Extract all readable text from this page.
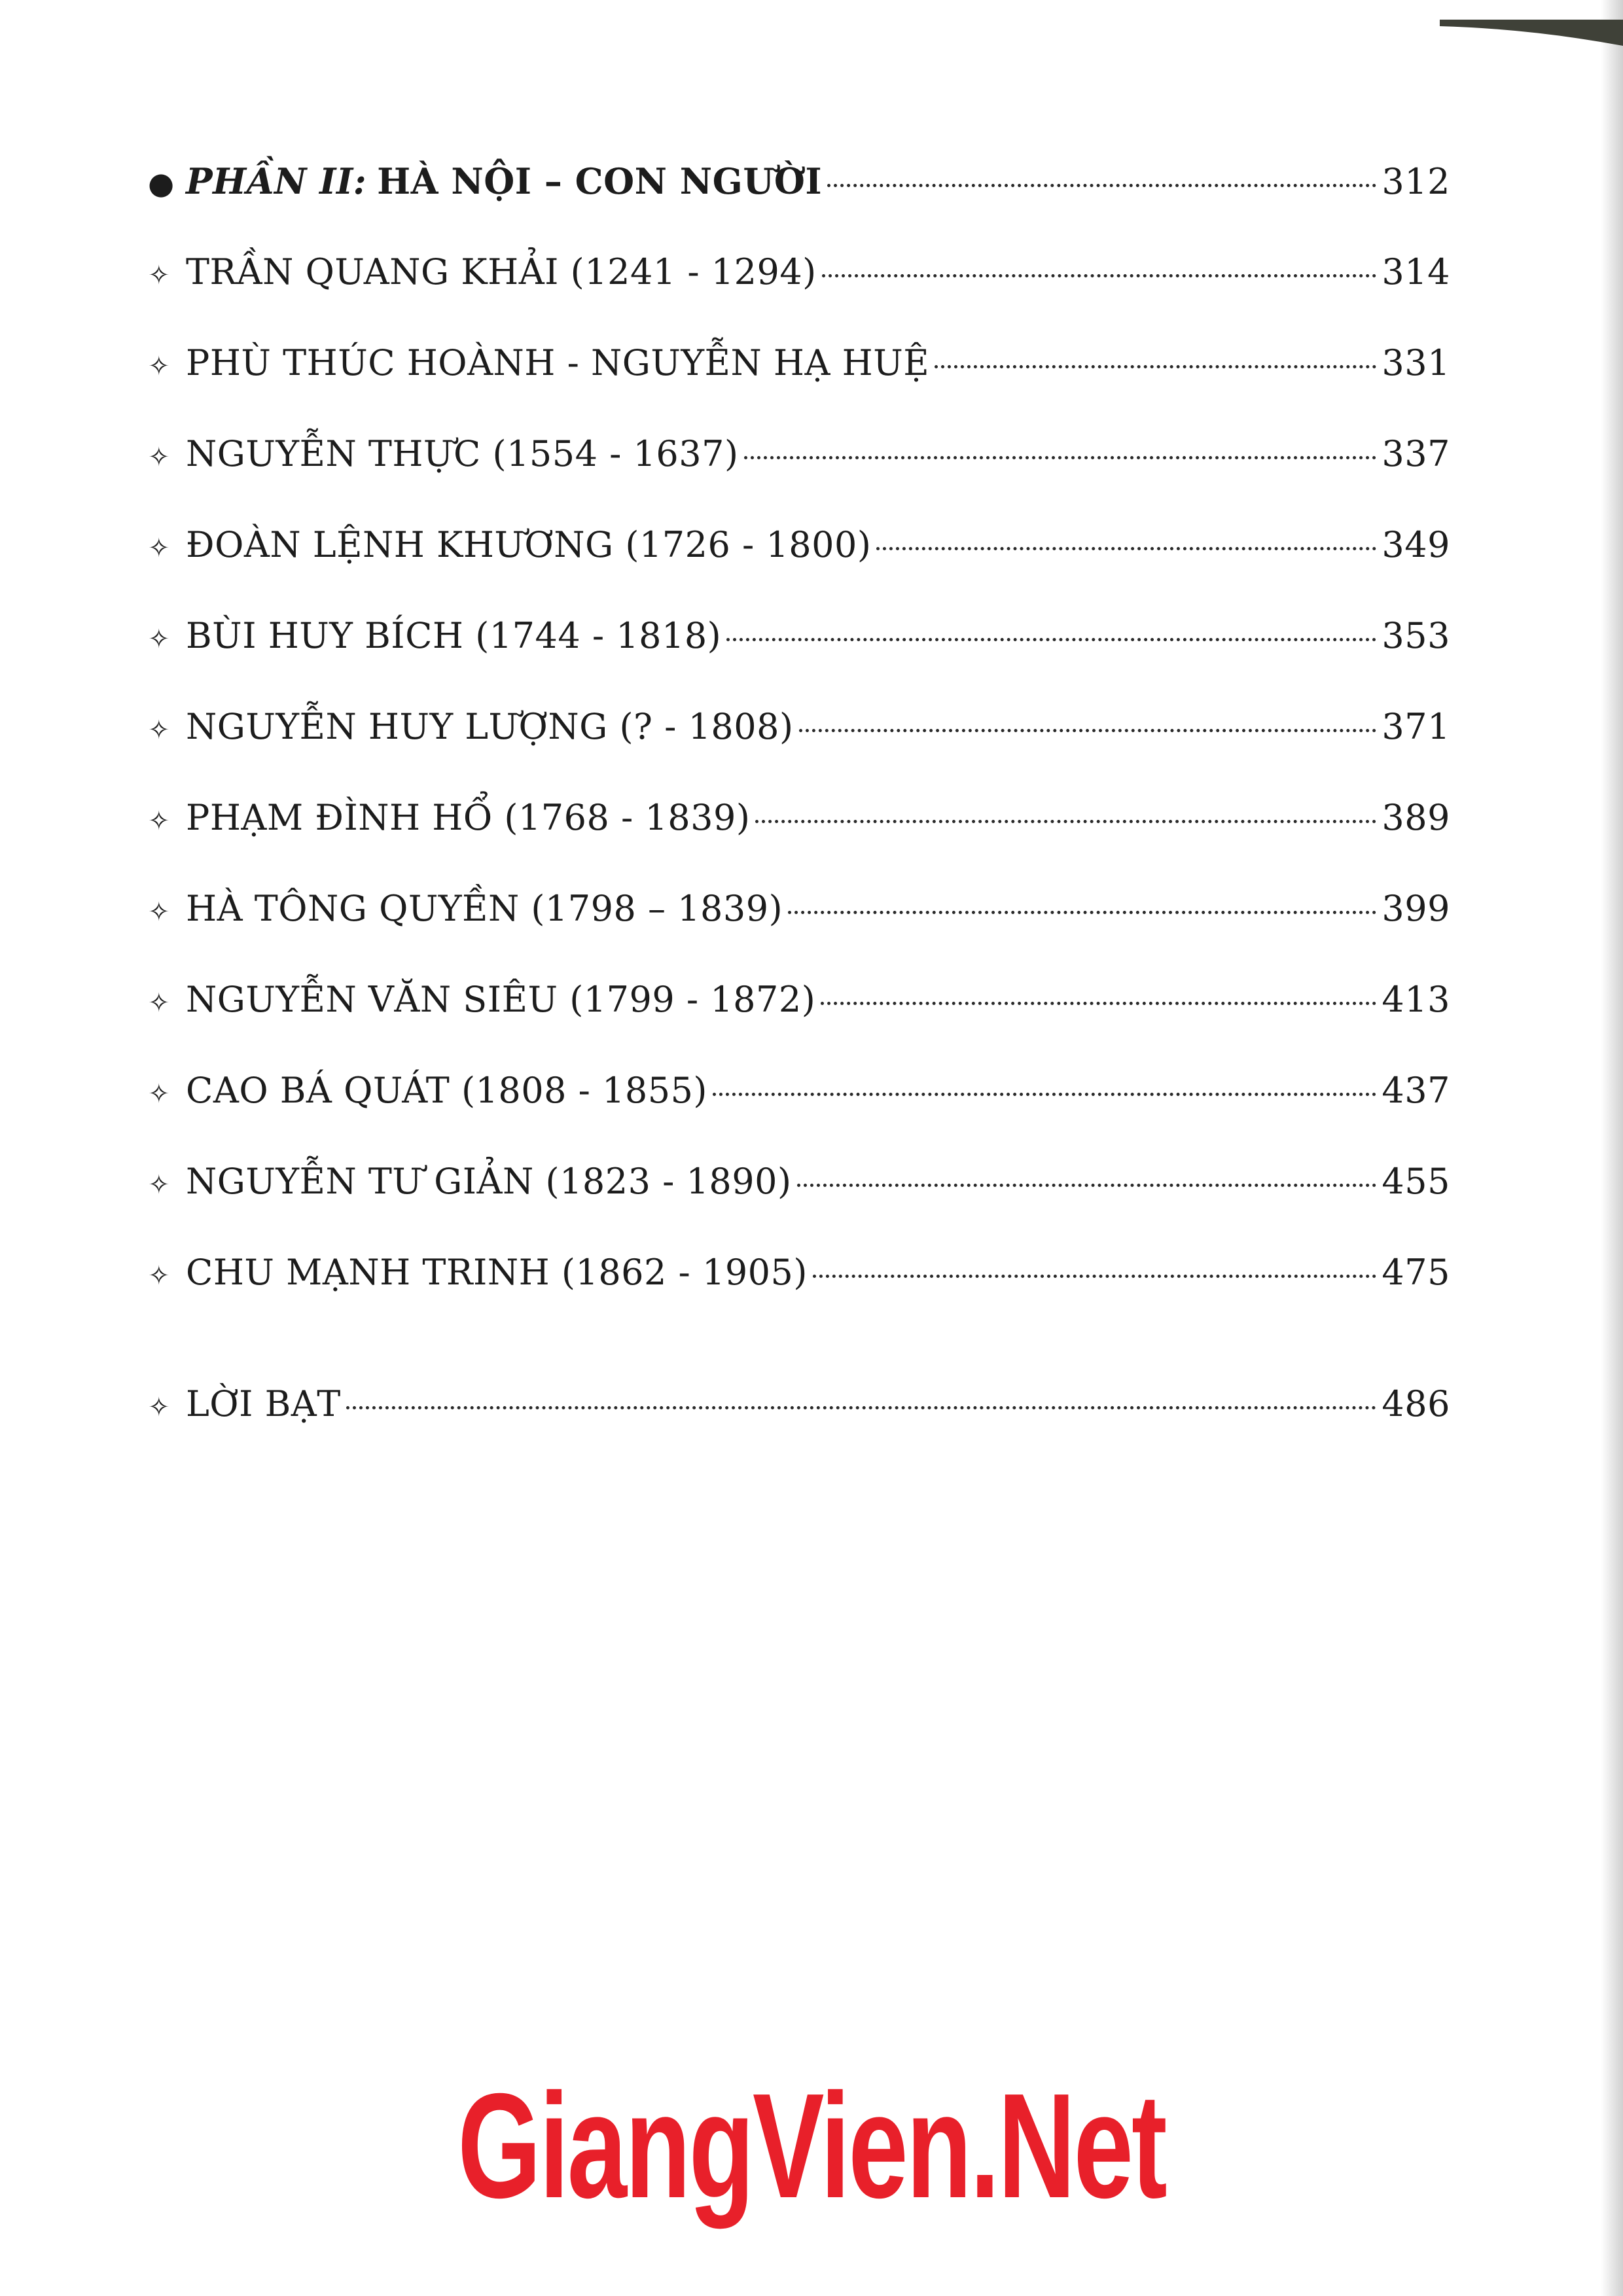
● PHẦN II: HÀ NỘI – CON NGƯỜI	312
✧ TRẦN QUANG KHẢI (1241 - 1294)	314
✧ PHÙ THÚC HOÀNH - NGUYỄN HẠ HUỆ	331
✧ NGUYỄN THỰC (1554 - 1637)	337
✧ ĐOÀN LỆNH KHƯƠNG (1726 - 1800)	349
✧ BÙI HUY BÍCH (1744 - 1818)	353
✧ NGUYỄN HUY LƯỢNG (? - 1808)	371
✧ PHẠM ĐÌNH HỔ (1768 - 1839)	389
✧ HÀ TÔNG QUYỀN (1798 – 1839)	399
✧ NGUYỄN VĂN SIÊU (1799 - 1872)	413
✧ CAO BÁ QUÁT (1808 - 1855)	437
✧ NGUYỄN TƯ GIẢN (1823 - 1890)	455
✧ CHU MẠNH TRINH (1862 - 1905)	475
✧ LỜI BẠT	486
GiangVien.Net
